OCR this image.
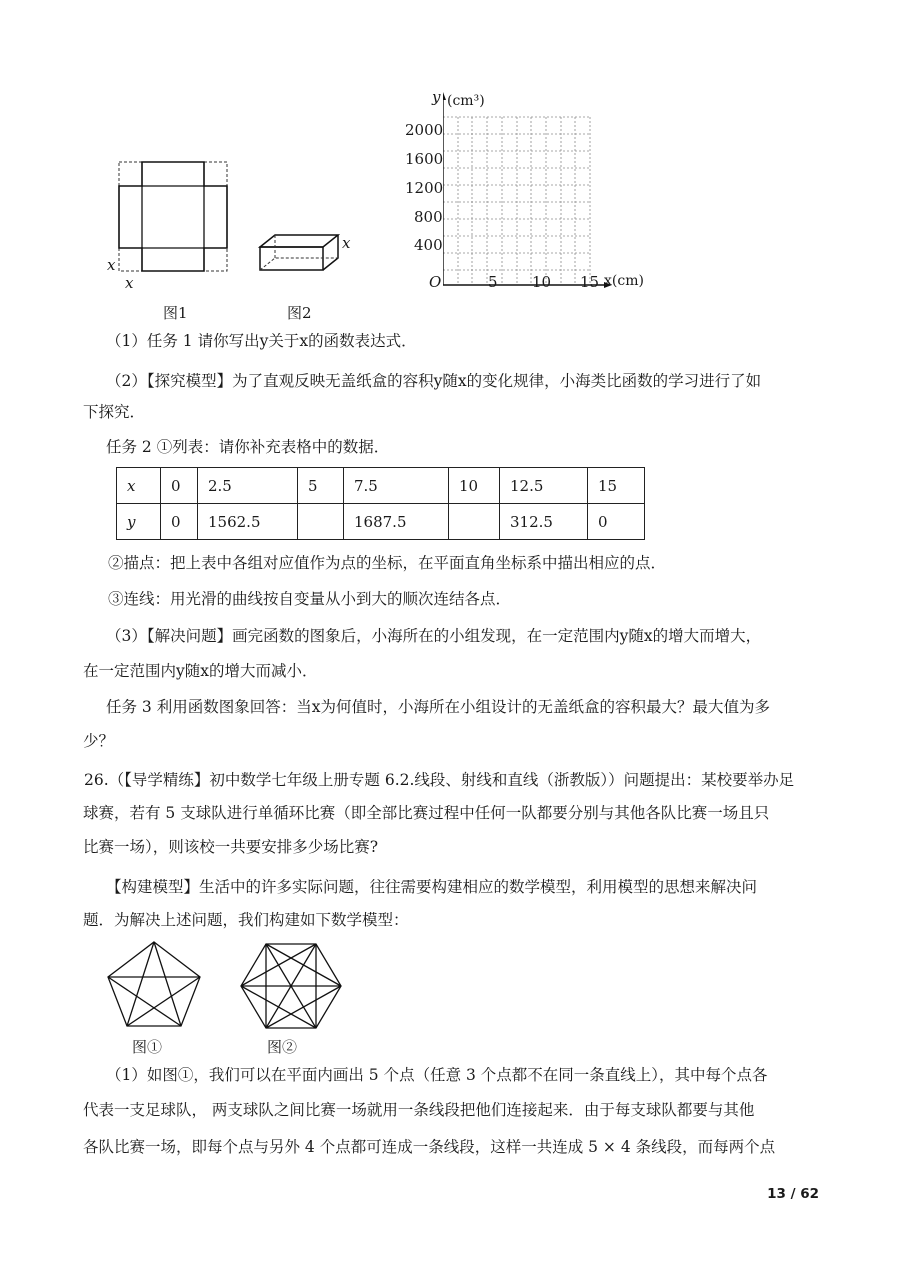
x
x
图1
x
图2
y (cm³)
2000
1600
1200
800
400
O	5 10 15 x(cm)
（1）任务 1 请你写出y关于x的函数表达式．
（2）【探究模型】为了直观反映无盖纸盒的容积y随x的变化规律，小海类比函数的学习进行了如
下探究．
任务 2 ①列表：请你补充表格中的数据．
x	0	2.5	5	7.5	10	12.5	15
y	0	1562.5		1687.5		312.5	0
②描点：把上表中各组对应值作为点的坐标，在平面直角坐标系中描出相应的点．
③连线：用光滑的曲线按自变量从小到大的顺次连结各点．
（3）【解决问题】画完函数的图象后，小海所在的小组发现，在一定范围内y随x的增大而增大，
在一定范围内y随x的增大而减小．
任务 3 利用函数图象回答：当x为何值时，小海所在小组设计的无盖纸盒的容积最大？最大值为多
少？
26.（【导学精练】初中数学七年级上册专题 6.2.线段、射线和直线（浙教版））问题提出：某校要举办足
球赛，若有 5 支球队进行单循环比赛（即全部比赛过程中任何一队都要分别与其他各队比赛一场且只
比赛一场），则该校一共要安排多少场比赛?
【构建模型】生活中的许多实际问题，往往需要构建相应的数学模型，利用模型的思想来解决问
题．为解决上述问题，我们构建如下数学模型：
图①	图②
（1）如图①，我们可以在平面内画出 5 个点（任意 3 个点都不在同一条直线上），其中每个点各
代表一支足球队， 两支球队之间比赛一场就用一条线段把他们连接起来．由于每支球队都要与其他
各队比赛一场，即每个点与另外 4 个点都可连成一条线段，这样一共连成 5 × 4 条线段，而每两个点
13 / 62
